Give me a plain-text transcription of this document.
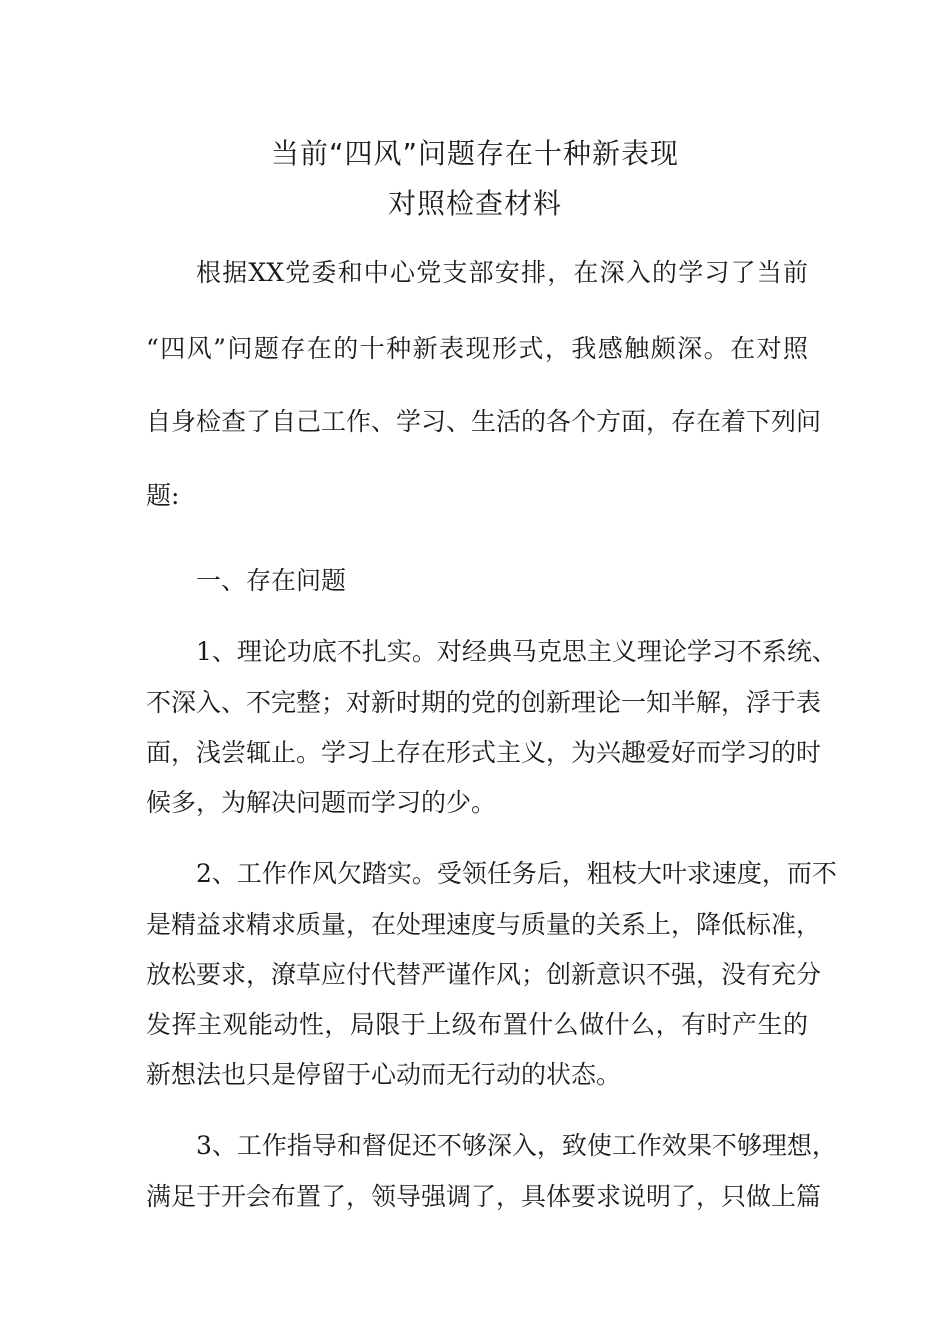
当前“四风”问题存在十种新表现
对照检查材料
根据XX党委和中心党支部安排，在深入的学习了当前
“四风”问题存在的十种新表现形式，我感触颇深。在对照
自身检查了自己工作、学习、生活的各个方面，存在着下列问
题:
一、存在问题
1、理论功底不扎实。对经典马克思主义理论学习不系统、
不深入、不完整；对新时期的党的创新理论一知半解，浮于表
面，浅尝辄止。学习上存在形式主义，为兴趣爱好而学习的时
候多，为解决问题而学习的少。
2、工作作风欠踏实。受领任务后，粗枝大叶求速度，而不
是精益求精求质量，在处理速度与质量的关系上，降低标准，
放松要求，潦草应付代替严谨作风；创新意识不强，没有充分
发挥主观能动性，局限于上级布置什么做什么，有时产生的
新想法也只是停留于心动而无行动的状态。
3、工作指导和督促还不够深入，致使工作效果不够理想，
满足于开会布置了，领导强调了，具体要求说明了，只做上篇
